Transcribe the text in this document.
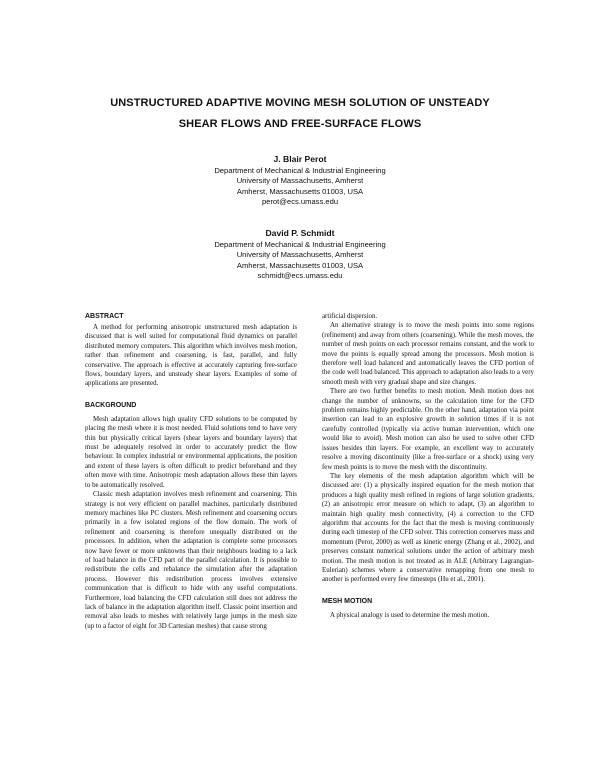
UNSTRUCTURED ADAPTIVE MOVING MESH SOLUTION OF UNSTEADY
SHEAR FLOWS AND FREE-SURFACE FLOWS
J. Blair Perot
Department of Mechanical & Industrial Engineering
University of Massachusetts, Amherst
Amherst, Massachusetts 01003, USA
perot@ecs.umass.edu
David P. Schmidt
Department of Mechanical & Industrial Engineering
University of Massachusetts, Amherst
Amherst, Massachusetts 01003, USA
schmidt@ecs.umass.edu
ABSTRACT

A method for performing anisotropic unstructured mesh adaptation is discussed that is well suited for computational fluid dynamics on parallel distributed memory computers. This algorithm which involves mesh motion, rather than refinement and coarsening, is fast, parallel, and fully conservative. The approach is effective at accurately capturing free-surface flows, boundary layers, and unsteady shear layers. Examples of some of applications are presented.

BACKGROUND

Mesh adaptation allows high quality CFD solutions to be computed by placing the mesh where it is most needed. Fluid solutions tend to have very thin but physically critical layers (shear layers and boundary layers) that must be adequately resolved in order to accurately predict the flow behaviour. In complex industrial or environmental applications, the position and extent of these layers is often difficult to predict beforehand and they often move with time. Anisotropic mesh adaptation allows these thin layers to be automatically resolved.

Classic mesh adaptation involves mesh refinement and coarsening. This strategy is not very efficient on parallel machines, particularly distributed memory machines like PC clusters. Mesh refinement and coarsening occurs primarily in a few isolated regions of the flow domain. The work of refinement and coarsening is therefore unequally distributed on the processors. In addition, when the adaptation is complete some processors now have fewer or more unknowns than their neighbours leading to a lack of load balance in the CFD part of the parallel calculation. It is possible to redistribute the cells and rebalance the simulation after the adaptation process. However this redistribution process involves extensive communication that is difficult to hide with any useful computations. Furthermore, load balancing the CFD calculation still does not address the lack of balance in the adaptation algorithm itself. Classic point insertion and removal also leads to meshes with relatively large jumps in the mesh size (up to a factor of eight for 3D Cartesian meshes) that cause strong

artificial dispersion.

An alternative strategy is to move the mesh points into some regions (refinement) and away from others (coarsening). While the mesh moves, the number of mesh points on each processor remains constant, and the work to move the points is equally spread among the processors. Mesh motion is therefore well load balanced and automatically leaves the CFD portion of the code well load balanced. This approach to adaptation also leads to a very smooth mesh with very gradual shape and size changes.

There are two further benefits to mesh motion. Mesh motion does not change the number of unknowns, so the calculation time for the CFD problem remains highly predictable. On the other hand, adaptation via point insertion can lead to an explosive growth in solution times if it is not carefully controlled (typically via active human intervention, which one would like to avoid). Mesh motion can also be used to solve other CFD issues besides thin layers. For example, an excellent way to accurately resolve a moving discontinuity (like a free-surface or a shock) using very few mesh points is to move the mesh with the discontinuity.

The key elements of the mesh adaptation algorithm which will be discussed are: (1) a physically inspired equation for the mesh motion that produces a high quality mesh refined in regions of large solution gradients, (2) an anisotropic error measure on which to adapt, (3) an algorithm to maintain high quality mesh connectivity, (4) a correction to the CFD algorithm that accounts for the fact that the mesh is moving continuously during each timestep of the CFD solver. This correction conserves mass and momentum (Perot, 2000) as well as kinetic energy (Zhang et al., 2002), and preserves constant numerical solutions under the action of arbitrary mesh motion. The mesh motion is not treated as in ALE (Arbitrary Lagrangian-Eulerian) schemes where a conservative remapping from one mesh to another is performed every few timesteps (Hu et al., 2001).

MESH MOTION

A physical analogy is used to determine the mesh motion.
